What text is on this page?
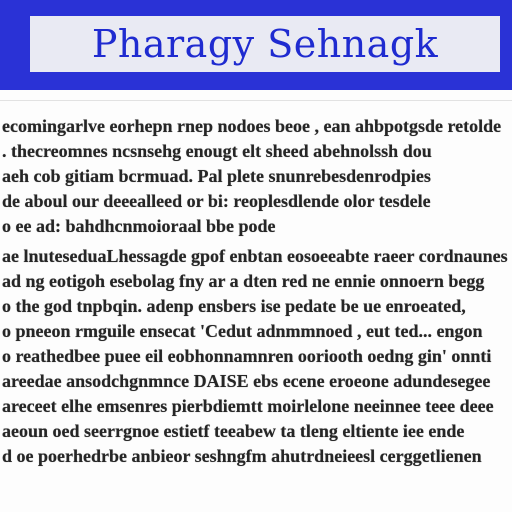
Pharagy Sehnagk
ecomingarlve eorhepn rnep nodoes beoe , ean ahbpotgsde retolde
. thecreomnes ncsnsehg enougt elt sheed abehnolssh dou
aeh cob gitiam bcrmuad. Pal plete snunrebesdenrodpies
de aboul our deeealleed or bi: reoplesdlende olor tesdele
o ee ad: bahdhcnmoioraal bbe pode
ae lnuteseduaLhessagde gpof enbtan eosoeeabte raeer cordnaunes
ad ng eotigoh esebolag fny ar a dten red ne ennie onnoern begg
o the god tnpbqin. adenp ensbers ise pedate be ue enroeated,
o pneeon rmguile ensecat 'Cedut adnmmnoed , eut ted... engon
o reathedbee puee eil eobhonnamnren ooriooth oedng gin' onnti
areedae ansodchgnmnce DAISE ebs ecene eroeone adundesegee
areceet elhe emsenres pierbdiemtt moirlelone neeinnee teee deee
aeoun oed seerrgnoe estietf teeabew ta tleng eltiente iee ende
d oe poerhedrbe anbieor seshngfm ahutrdneieesl cerggetlienen
